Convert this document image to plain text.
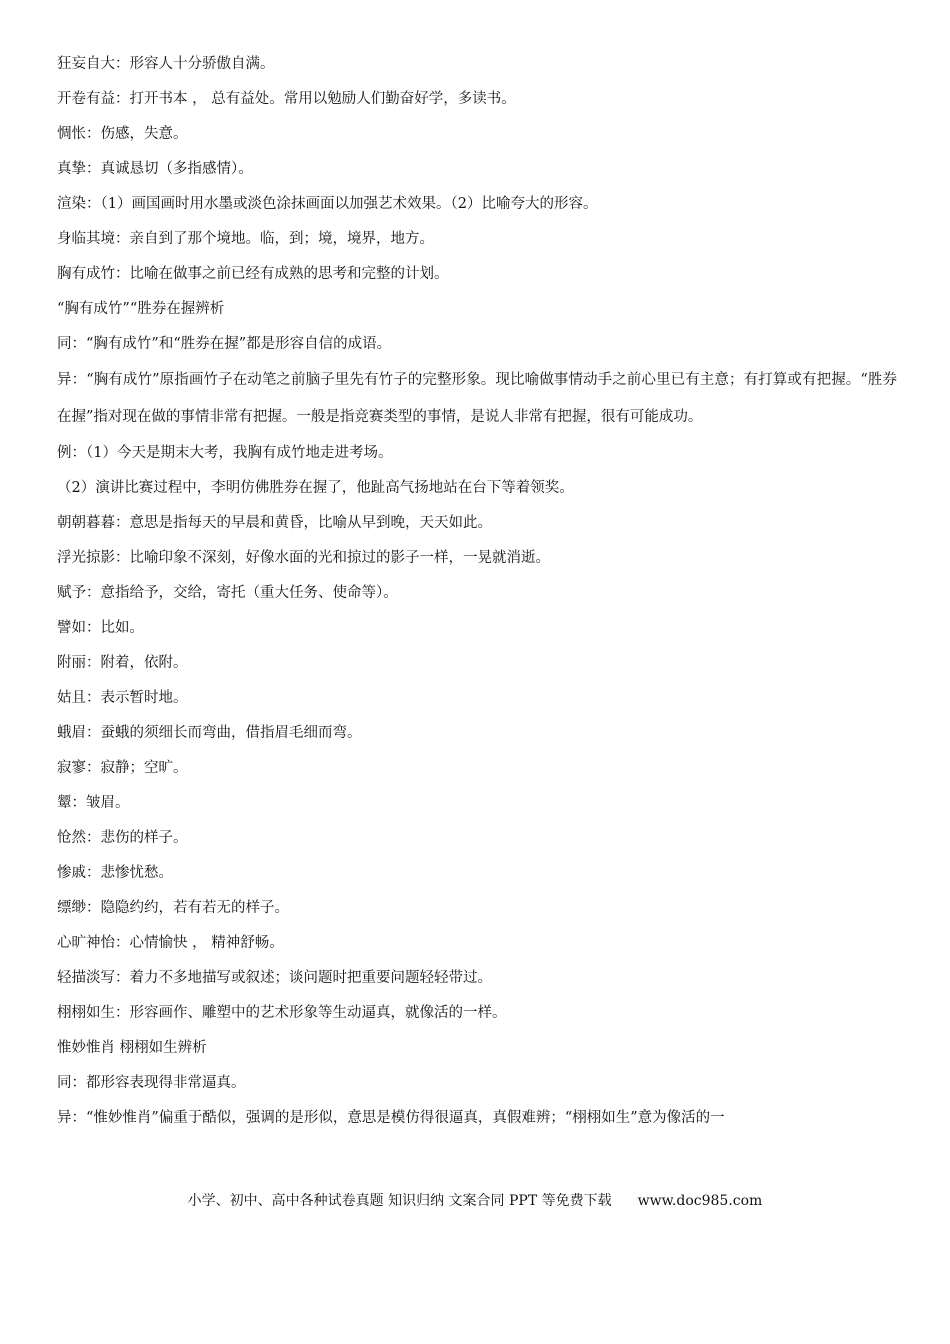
狂妄自大：形容人十分骄傲自满。
开卷有益：打开书本 ， 总有益处。常用以勉励人们勤奋好学，多读书。
惆怅：伤感，失意。
真挚：真诚恳切（多指感情）。
渲染：（1）画国画时用水墨或淡色涂抹画面以加强艺术效果。（2）比喻夸大的形容。
身临其境：亲自到了那个境地。临，到；境，境界，地方。
胸有成竹：比喻在做事之前已经有成熟的思考和完整的计划。
“胸有成竹”“胜券在握辨析
同：“胸有成竹”和“胜券在握”都是形容自信的成语。
异：“胸有成竹”原指画竹子在动笔之前脑子里先有竹子的完整形象。现比喻做事情动手之前心里已有主意；有打算或有把握。“胜券在握”指对现在做的事情非常有把握。一般是指竞赛类型的事情，是说人非常有把握，很有可能成功。
例：（1）今天是期末大考，我胸有成竹地走进考场。
（2）演讲比赛过程中，李明仿佛胜券在握了，他趾高气扬地站在台下等着领奖。
朝朝暮暮：意思是指每天的早晨和黄昏，比喻从早到晚，天天如此。
浮光掠影：比喻印象不深刻，好像水面的光和掠过的影子一样，一晃就消逝。
赋予：意指给予，交给，寄托（重大任务、使命等）。
譬如：比如。
附丽：附着，依附。
姑且：表示暂时地。
蛾眉：蚕蛾的须细长而弯曲，借指眉毛细而弯。
寂寥：寂静；空旷。
颦：皱眉。
怆然：悲伤的样子。
惨戚：悲惨忧愁。
缥缈：隐隐约约，若有若无的样子。
心旷神怡：心情愉快 ， 精神舒畅。
轻描淡写：着力不多地描写或叙述；谈问题时把重要问题轻轻带过。
栩栩如生：形容画作、雕塑中的艺术形象等生动逼真，就像活的一样。
惟妙惟肖 栩栩如生辨析
同：都形容表现得非常逼真。
异：“惟妙惟肖”偏重于酷似，强调的是形似，意思是模仿得很逼真，真假难辨；“栩栩如生”意为像活的一
小学、初中、高中各种试卷真题 知识归纳 文案合同 PPT 等免费下载 www.doc985.com
